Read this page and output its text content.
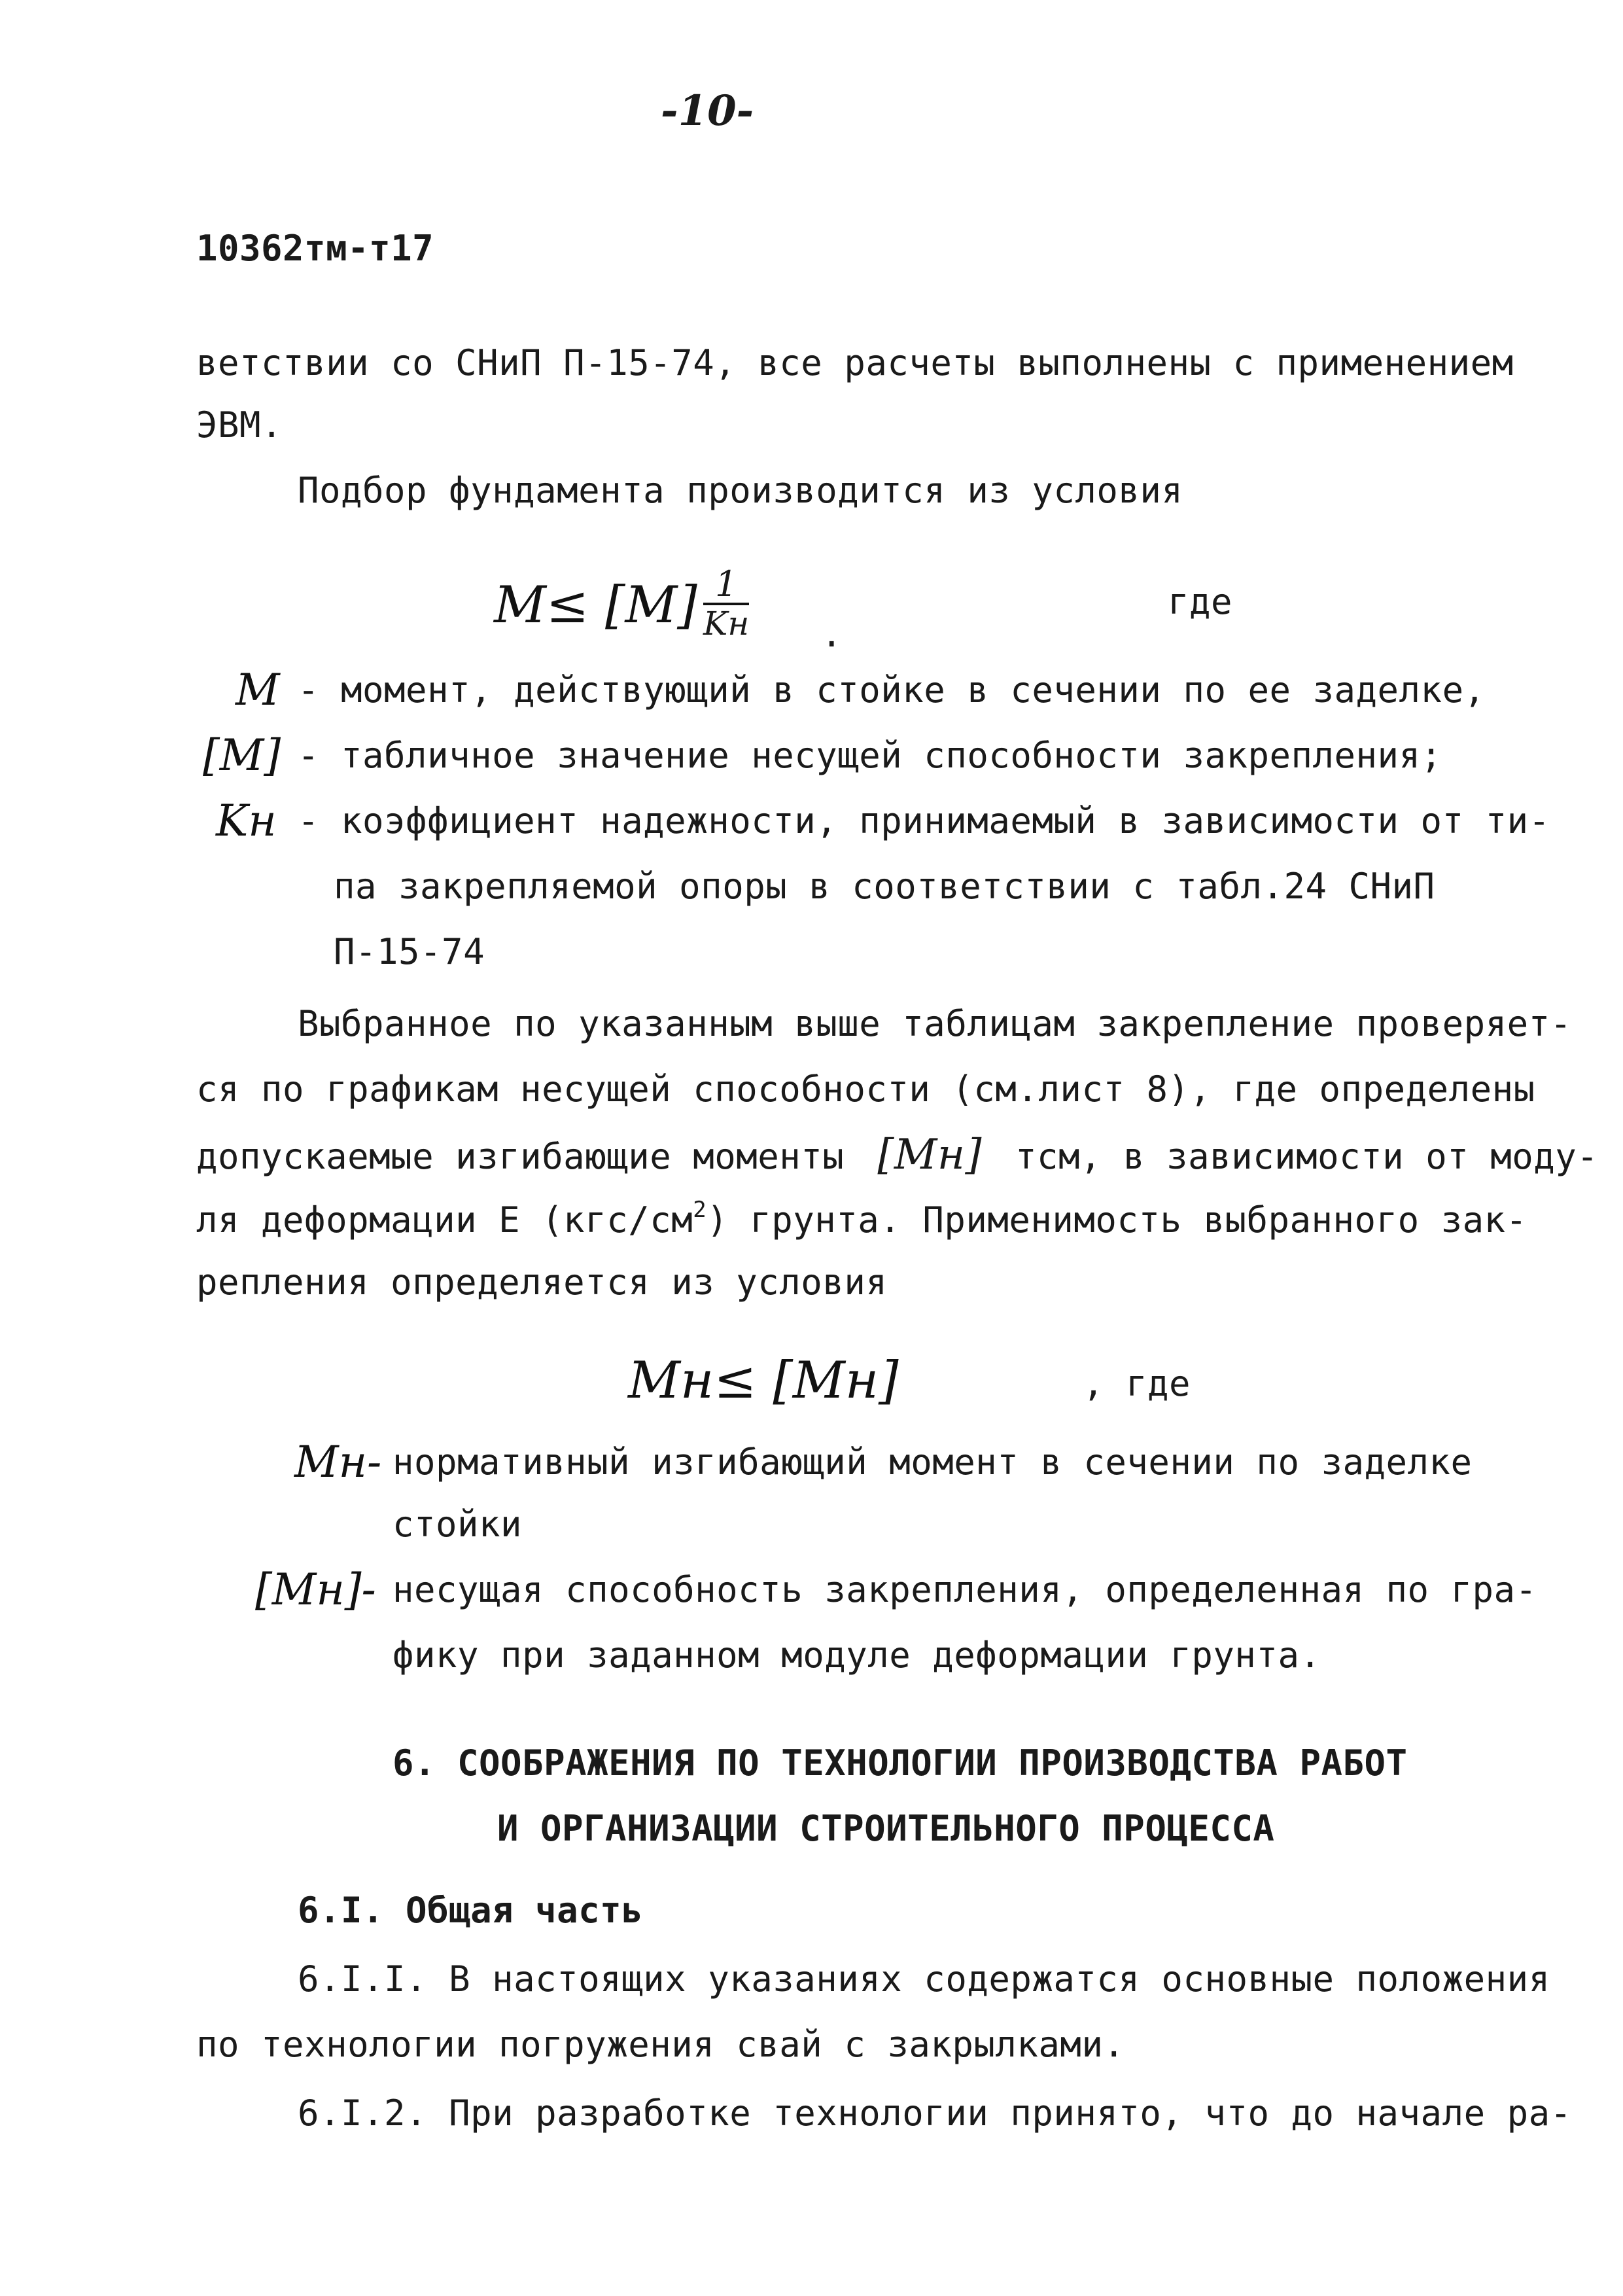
-10-
10362тм-т17
ветствии со СНиП П-15-74, все расчеты выполнены с применением
ЭВМ.
Подбор фундамента производится из условия
M≤ [M] 1
Kн .
где
M - момент, действующий в стойке в сечении по ее заделке,
[M] - табличное значение несущей способности закрепления;
Kн - коэффициент надежности, принимаемый в зависимости от ти-
па закрепляемой опоры в соответствии с табл.24 СНиП
П-15-74
Выбранное по указанным выше таблицам закрепление проверяет-
ся по графикам несущей способности (см.лист 8), где определены
допускаемые изгибающие моменты [Mн] тсм, в зависимости от моду-
ля деформации Е $(кгс/см^2)$ грунта. Применимость выбранного зак-
репления определяется из условия
Mн≤ [Mн]	, где
Mн- нормативный изгибающий момент в сечении по заделке
стойки
[Mн]- несущая способность закрепления, определенная по гра-
фику при заданном модуле деформации грунта.
6. СООБРАЖЕНИЯ ПО ТЕХНОЛОГИИ ПРОИЗВОДСТВА РАБОТ
И ОРГАНИЗАЦИИ СТРОИТЕЛЬНОГО ПРОЦЕССА
6.I. Общая часть
6.I.I. В настоящих указаниях содержатся основные положения
по технологии погружения свай с закрылками.
6.I.2. При разработке технологии принято, что до начале ра-
